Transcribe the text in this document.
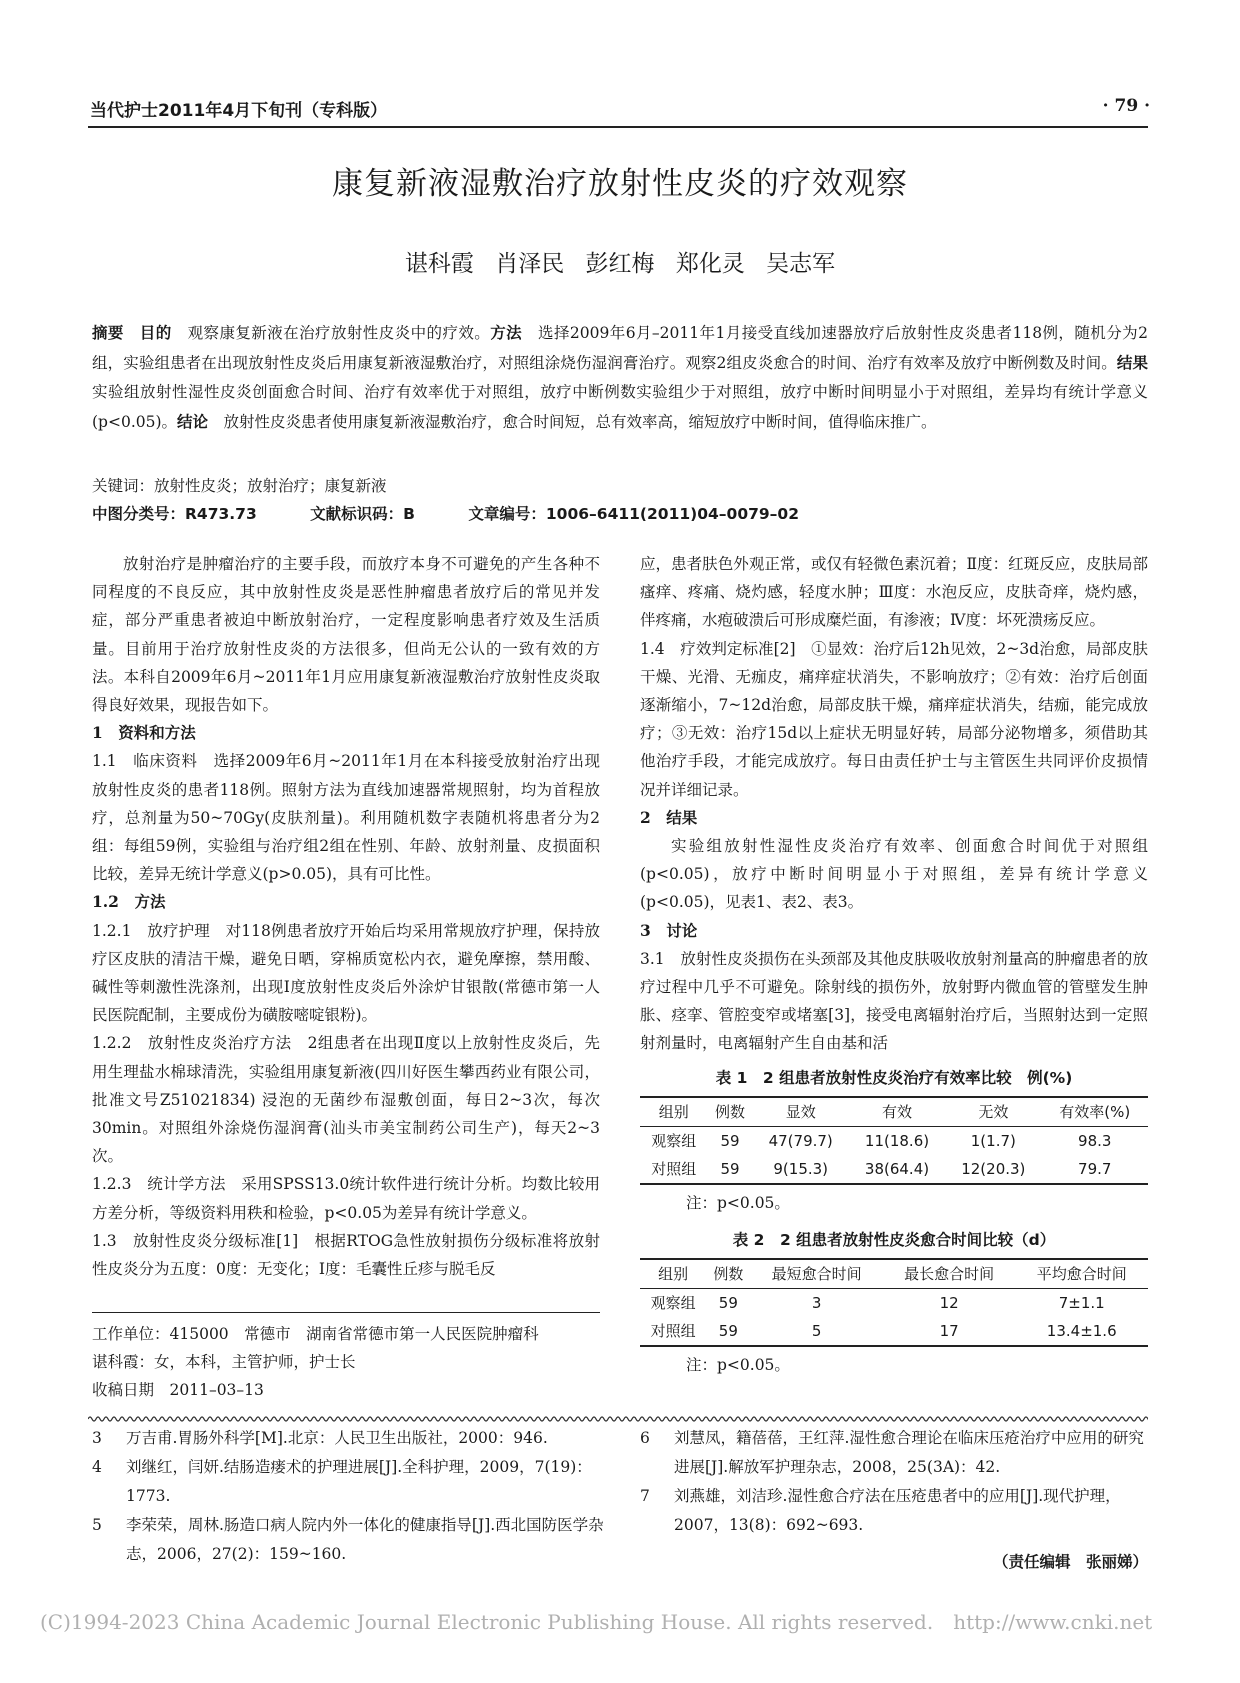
当代护士2011年4月下旬刊（专科版）	· 79 ·
康复新液湿敷治疗放射性皮炎的疗效观察
谌科霞 肖泽民 彭红梅 郑化灵 吴志军
摘要　 目的　 观察康复新液在治疗放射性皮炎中的疗效。方法　 选择2009年6月–2011年1月接受直线加速器放疗后放射性皮炎患者118例，随机分为2组，实验组患者在出现放射性皮炎后用康复新液湿敷治疗，对照组涂烧伤湿润膏治疗。观察2组皮炎愈合的时间、治疗有效率及放疗中断例数及时间。结果　实验组放射性湿性皮炎创面愈合时间、治疗有效率优于对照组，放疗中断例数实验组少于对照组，放疗中断时间明显小于对照组，差异均有统计学意义(p<0.05)。结论　 放射性皮炎患者使用康复新液湿敷治疗，愈合时间短，总有效率高，缩短放疗中断时间，值得临床推广。
关键词：放射性皮炎；放射治疗；康复新液
中图分类号：R473.73	文献标识码：B	文章编号：1006–6411(2011)04–0079–02

放射治疗是肿瘤治疗的主要手段，而放疗本身不可避免的产生各种不同程度的不良反应，其中放射性皮炎是恶性肿瘤患者放疗后的常见并发症，部分严重患者被迫中断放射治疗，一定程度影响患者疗效及生活质量。目前用于治疗放射性皮炎的方法很多，但尚无公认的一致有效的方法。本科自2009年6月~2011年1月应用康复新液湿敷治疗放射性皮炎取得良好效果，现报告如下。

1　资料和方法

1.1　临床资料　选择2009年6月~2011年1月在本科接受放射治疗出现放射性皮炎的患者118例。照射方法为直线加速器常规照射，均为首程放疗，总剂量为50~70Gy(皮肤剂量)。利用随机数字表随机将患者分为2组：每组59例，实验组与治疗组2组在性别、年龄、放射剂量、皮损面积比较，差异无统计学意义(p>0.05)，具有可比性。

1.2　方法

1.2.1　放疗护理　对118例患者放疗开始后均采用常规放疗护理，保持放疗区皮肤的清洁干燥，避免日晒，穿棉质宽松内衣，避免摩擦，禁用酸、碱性等刺激性洗涤剂，出现Ⅰ度放射性皮炎后外涂炉甘银散(常德市第一人民医院配制，主要成份为磺胺嘧啶银粉)。

1.2.2　放射性皮炎治疗方法　2组患者在出现Ⅱ度以上放射性皮炎后，先用生理盐水棉球清洗，实验组用康复新液(四川好医生攀西药业有限公司，批准文号Z51021834) 浸泡的无菌纱布湿敷创面，每日2~3次，每次30min。对照组外涂烧伤湿润膏(汕头市美宝制药公司生产)，每天2~3次。

1.2.3　统计学方法　采用SPSS13.0统计软件进行统计分析。均数比较用方差分析，等级资料用秩和检验，p<0.05为差异有统计学意义。

1.3　放射性皮炎分级标准[1]　根据RTOG急性放射损伤分级标准将放射性皮炎分为五度：0度：无变化；Ⅰ度：毛囊性丘疹与脱毛反

应，患者肤色外观正常，或仅有轻微色素沉着；Ⅱ度：红斑反应，皮肤局部瘙痒、疼痛、烧灼感，轻度水肿；Ⅲ度：水泡反应，皮肤奇痒，烧灼感，伴疼痛，水疱破溃后可形成糜烂面，有渗液；Ⅳ度：坏死溃疡反应。

1.4　疗效判定标准[2]　①显效：治疗后12h见效，2~3d治愈，局部皮肤干燥、光滑、无痂皮，痛痒症状消失，不影响放疗；②有效：治疗后创面逐渐缩小，7~12d治愈，局部皮肤干燥，痛痒症状消失，结痂，能完成放疗；③无效：治疗15d以上症状无明显好转，局部分泌物增多，须借助其他治疗手段，才能完成放疗。每日由责任护士与主管医生共同评价皮损情况并详细记录。

2　结果

实验组放射性湿性皮炎治疗有效率、创面愈合时间优于对照组(p<0.05)，放疗中断时间明显小于对照组，差异有统计学意义(p<0.05)，见表1、表2、表3。

3　讨论

3.1　放射性皮炎损伤在头颈部及其他皮肤吸收放射剂量高的肿瘤患者的放疗过程中几乎不可避免。除射线的损伤外，放射野内微血管的管壁发生肿胀、痉挛、管腔变窄或堵塞[3]，接受电离辐射治疗后，当照射达到一定照射剂量时，电离辐射产生自由基和活

表 1　2 组患者放射性皮炎治疗有效率比较　例(%)
组别	例数	显效	有效	无效	有效率(%)
观察组	59	47(79.7)	11(18.6)	1(1.7)	98.3
对照组	59	9(15.3)	38(64.4)	12(20.3)	79.7
注：p<0.05。
表 2　2 组患者放射性皮炎愈合时间比较（d）
组别	例数	最短愈合时间	最长愈合时间	平均愈合时间
观察组	59	3	12	7±1.1
对照组	59	5	17	13.4±1.6
注：p<0.05。
工作单位：415000　常德市　湖南省常德市第一人民医院肿瘤科
谌科霞：女，本科，主管护师，护士长
收稿日期　2011–03–13
3	万吉甫.胃肠外科学[M].北京：人民卫生出版社，2000：946.
4	刘继红，闫妍.结肠造瘘术的护理进展[J].全科护理，2009，7(19)：1773.
5	李荣荣，周林.肠造口病人院内外一体化的健康指导[J].西北国防医学杂志，2006，27(2)：159~160.
6	刘慧凤，籍蓓蓓，王红萍.湿性愈合理论在临床压疮治疗中应用的研究进展[J].解放军护理杂志，2008，25(3A)：42.
7	刘燕雄，刘洁珍.湿性愈合疗法在压疮患者中的应用[J].现代护理，2007，13(8)：692~693.
（责任编辑　张丽娣）
(C)1994-2023 China Academic Journal Electronic Publishing House. All rights reserved.　http://www.cnki.net
